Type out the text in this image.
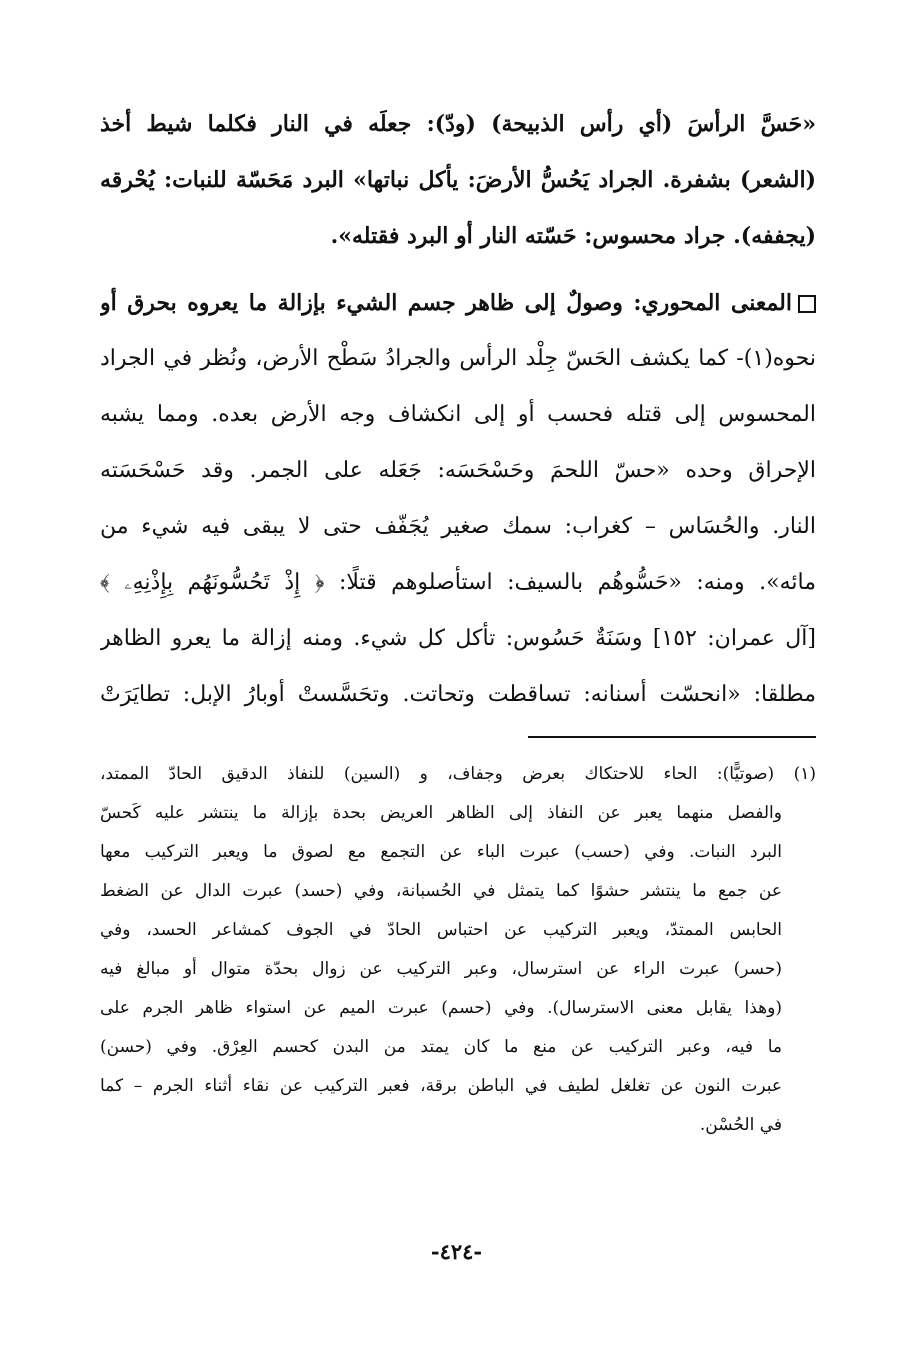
«حَسَّ الرأسَ (أي رأس الذبيحة) (ودّ): جعلَه في النار فكلما شيط أخذ
(الشعر) بشفرة. الجراد يَحُسُّ الأرضَ: يأكل نباتها» البرد مَحَسّة للنبات: يُحْرقه
(يجففه). جراد محسوس: حَسّته النار أو البرد فقتله».
المعنى المحوري: وصولٌ إلى ظاهر جسم الشيء بإزالة ما يعروه بحرق أو
نحوه(١)- كما يكشف الحَسّ جِلْد الرأس والجرادُ سَطْح الأرض، ونُظر في الجراد
المحسوس إلى قتله فحسب أو إلى انكشاف وجه الأرض بعده. ومما يشبه
الإحراق وحده «حسّ اللحمَ وحَسْحَسَه: جَعَله على الجمر. وقد حَسْحَسَته
النار. والحُسَاس – كغراب: سمك صغير يُجَفّف حتى لا يبقى فيه شيء من
مائه». ومنه: «حَسُّوهُم بالسيف: استأصلوهم قتلًا: ﴿ إِذْ تَحُسُّونَهُم بِإِذْنِهِۦ ﴾
[آل عمران: ١٥٢] وسَنَةٌ حَسُوس: تأكل كل شيء. ومنه إزالة ما يعرو الظاهر
مطلقا: «انحسّت أسنانه: تساقطت وتحاتت. وتحَسَّستْ أوبارُ الإبل: تطايَرَتْ
(١) (صوتيًّا): الحاء للاحتكاك بعرض وجفاف، و (السين) للنفاذ الدقيق الحادّ الممتد،
والفصل منهما يعبر عن النفاذ إلى الظاهر العريض بحدة بإزالة ما ينتشر عليه كَحسّ
البرد النبات. وفي (حسب) عبرت الباء عن التجمع مع لصوق ما ويعبر التركيب معها
عن جمع ما ينتشر حشوًا كما يتمثل في الحُسبانة، وفي (حسد) عبرت الدال عن الضغط
الحابس الممتدّ، ويعبر التركيب عن احتباس الحادّ في الجوف كمشاعر الحسد، وفي
(حسر) عبرت الراء عن استرسال، وعبر التركيب عن زوال بحدّة متوال أو مبالغ فيه
(وهذا يقابل معنى الاسترسال). وفي (حسم) عبرت الميم عن استواء ظاهر الجرم على
ما فيه، وعبر التركيب عن منع ما كان يمتد من البدن كحسم العِرْق. وفي (حسن)
عبرت النون عن تغلغل لطيف في الباطن برقة، فعبر التركيب عن نقاء أثناء الجرم – كما
في الحُسْن.
-٤٢٤-
